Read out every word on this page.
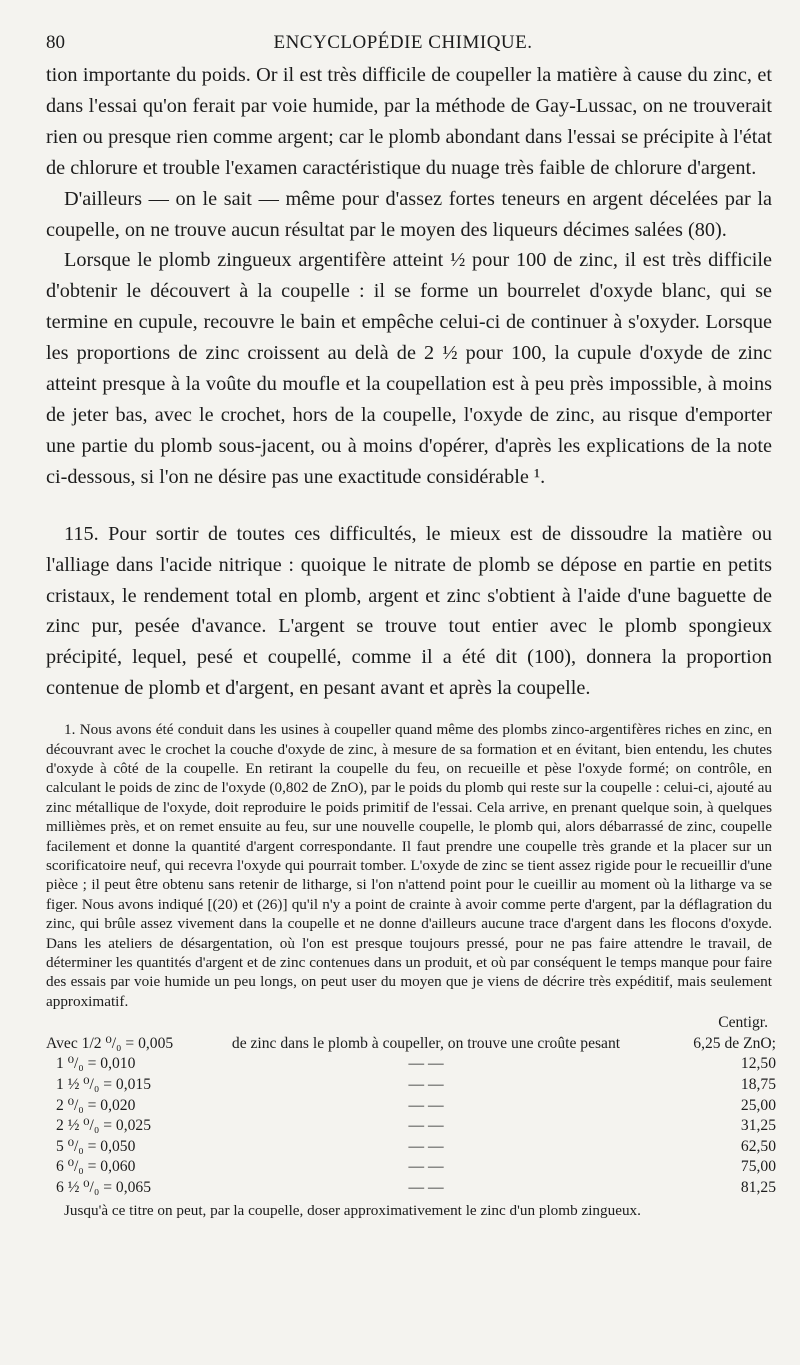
80	ENCYCLOPÉDIE CHIMIQUE.

tion importante du poids. Or il est très difficile de coupeller la matière à cause du zinc, et dans l'essai qu'on ferait par voie humide, par la méthode de Gay-Lussac, on ne trouverait rien ou presque rien comme argent; car le plomb abondant dans l'essai se précipite à l'état de chlorure et trouble l'examen caractéristique du nuage très faible de chlorure d'argent.

D'ailleurs — on le sait — même pour d'assez fortes teneurs en argent décelées par la coupelle, on ne trouve aucun résultat par le moyen des liqueurs décimes salées (80).

Lorsque le plomb zingueux argentifère atteint ½ pour 100 de zinc, il est très difficile d'obtenir le découvert à la coupelle : il se forme un bourrelet d'oxyde blanc, qui se termine en cupule, recouvre le bain et empêche celui-ci de continuer à s'oxyder. Lorsque les proportions de zinc croissent au delà de 2 ½ pour 100, la cupule d'oxyde de zinc atteint presque à la voûte du moufle et la coupellation est à peu près impossible, à moins de jeter bas, avec le crochet, hors de la coupelle, l'oxyde de zinc, au risque d'emporter une partie du plomb sous-jacent, ou à moins d'opérer, d'après les explications de la note ci-dessous, si l'on ne désire pas une exactitude considérable ¹.

115. Pour sortir de toutes ces difficultés, le mieux est de dissoudre la matière ou l'alliage dans l'acide nitrique : quoique le nitrate de plomb se dépose en partie en petits cristaux, le rendement total en plomb, argent et zinc s'obtient à l'aide d'une baguette de zinc pur, pesée d'avance. L'argent se trouve tout entier avec le plomb spongieux précipité, lequel, pesé et coupellé, comme il a été dit (100), donnera la proportion contenue de plomb et d'argent, en pesant avant et après la coupelle.

1. Nous avons été conduit dans les usines à coupeller quand même des plombs zinco-argentifères riches en zinc, en découvrant avec le crochet la couche d'oxyde de zinc, à mesure de sa formation et en évitant, bien entendu, les chutes d'oxyde à côté de la coupelle. En retirant la coupelle du feu, on recueille et pèse l'oxyde formé; on contrôle, en calculant le poids de zinc de l'oxyde (0,802 de ZnO), par le poids du plomb qui reste sur la coupelle : celui-ci, ajouté au zinc métallique de l'oxyde, doit reproduire le poids primitif de l'essai. Cela arrive, en prenant quelque soin, à quelques millièmes près, et on remet ensuite au feu, sur une nouvelle coupelle, le plomb qui, alors débarrassé de zinc, coupelle facilement et donne la quantité d'argent correspondante. Il faut prendre une coupelle très grande et la placer sur un scorificatoire neuf, qui recevra l'oxyde qui pourrait tomber. L'oxyde de zinc se tient assez rigide pour le recueillir d'une pièce ; il peut être obtenu sans retenir de litharge, si l'on n'attend point pour le cueillir au moment où la litharge va se figer. Nous avons indiqué [(20) et (26)] qu'il n'y a point de crainte à avoir comme perte d'argent, par la déflagration du zinc, qui brûle assez vivement dans la coupelle et ne donne d'ailleurs aucune trace d'argent dans les flocons d'oxyde. Dans les ateliers de désargentation, où l'on est presque toujours pressé, pour ne pas faire attendre le travail, de déterminer les quantités d'argent et de zinc contenues dans un produit, et où par conséquent le temps manque pour faire des essais par voie humide un peu longs, on peut user du moyen que je viens de décrire très expéditif, mais seulement approximatif.

Centigr.		
Avec 1/2 ⁰/₀ = 0,005	de zinc dans le plomb à coupeller, on trouve une croûte pesant	6,25 de ZnO;
1 ⁰/₀ = 0,010	— —	12,50
1 ½ ⁰/₀ = 0,015	— —	18,75
2 ⁰/₀ = 0,020	— —	25,00
2 ½ ⁰/₀ = 0,025	— —	31,25
5 ⁰/₀ = 0,050	— —	62,50
6 ⁰/₀ = 0,060	— —	75,00
6 ½ ⁰/₀ = 0,065	— —	81,25

Jusqu'à ce titre on peut, par la coupelle, doser approximativement le zinc d'un plomb zingueux.
